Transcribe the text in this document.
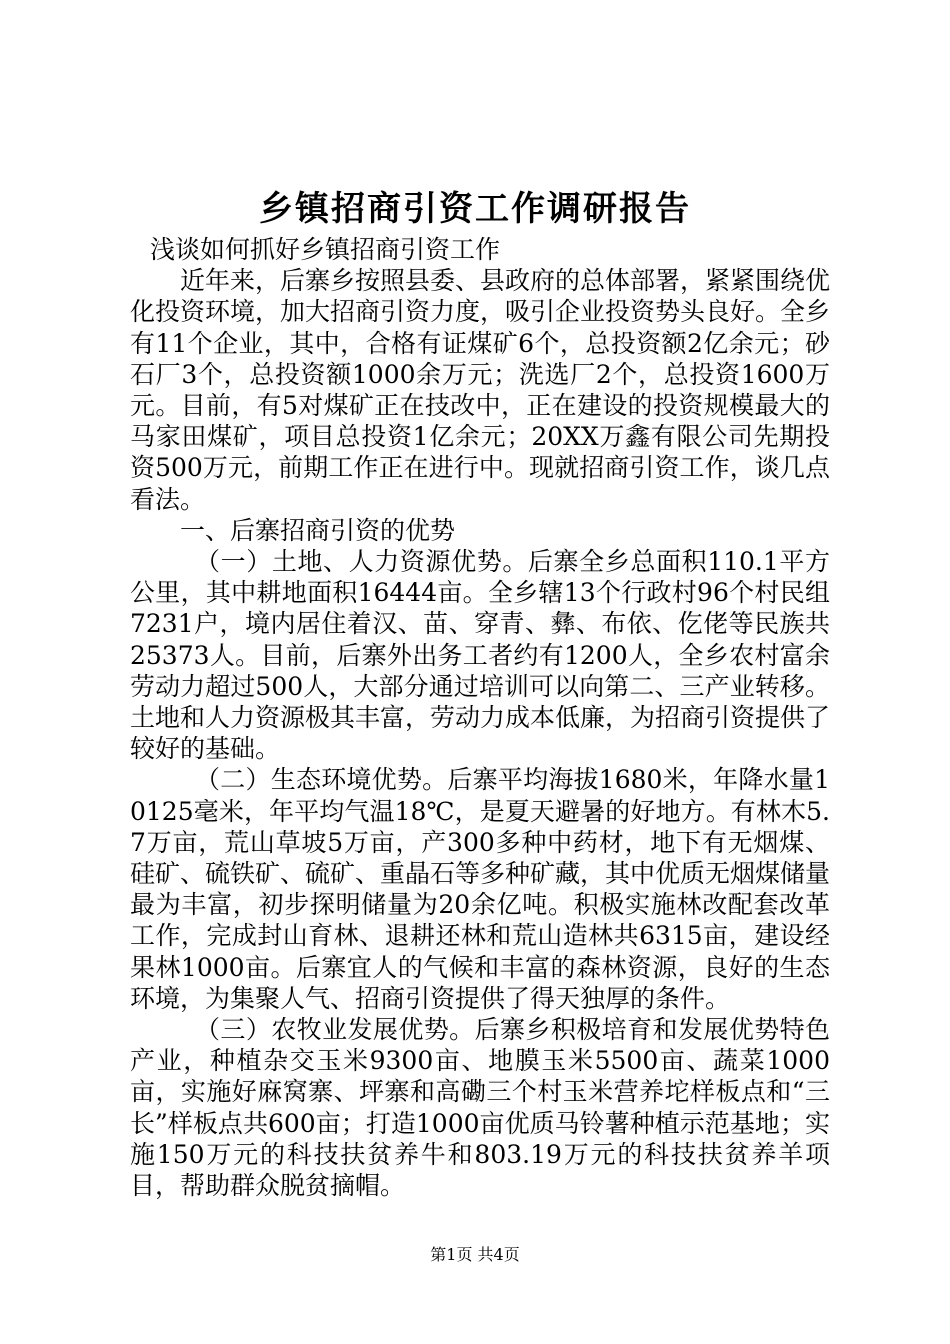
乡镇招商引资工作调研报告

浅谈如何抓好乡镇招商引资工作

近年来，后寨乡按照县委、县政府的总体部署，紧紧围绕优化投资环境，加大招商引资力度，吸引企业投资势头良好。全乡有11个企业，其中，合格有证煤矿6个，总投资额2亿余元；砂石厂3个，总投资额1000余万元；洗选厂2个，总投资1600万元。目前，有5对煤矿正在技改中，正在建设的投资规模最大的马家田煤矿，项目总投资1亿余元；20XX万鑫有限公司先期投资500万元，前期工作正在进行中。现就招商引资工作，谈几点看法。

一、后寨招商引资的优势

（一）土地、人力资源优势。后寨全乡总面积110.1平方公里，其中耕地面积16444亩。全乡辖13个行政村96个村民组7231户，境内居住着汉、苗、穿青、彝、布依、仡佬等民族共25373人。目前，后寨外出务工者约有1200人，全乡农村富余劳动力超过500人，大部分通过培训可以向第二、三产业转移。土地和人力资源极其丰富，劳动力成本低廉，为招商引资提供了较好的基础。

（二）生态环境优势。后寨平均海拔1680米，年降水量10125毫米，年平均气温18℃，是夏天避暑的好地方。有林木5.7万亩，荒山草坡5万亩，产300多种中药材，地下有无烟煤、硅矿、硫铁矿、硫矿、重晶石等多种矿藏，其中优质无烟煤储量最为丰富，初步探明储量为20余亿吨。积极实施林改配套改革工作，完成封山育林、退耕还林和荒山造林共6315亩，建设经果林1000亩。后寨宜人的气候和丰富的森林资源，良好的生态环境，为集聚人气、招商引资提供了得天独厚的条件。

（三）农牧业发展优势。后寨乡积极培育和发展优势特色产业，种植杂交玉米9300亩、地膜玉米5500亩、蔬菜1000亩，实施好麻窝寨、坪寨和高磡三个村玉米营养坨样板点和“三长”样板点共600亩；打造1000亩优质马铃薯种植示范基地；实施150万元的科技扶贫养牛和803.19万元的科技扶贫养羊项目，帮助群众脱贫摘帽。

第1页 共4页
